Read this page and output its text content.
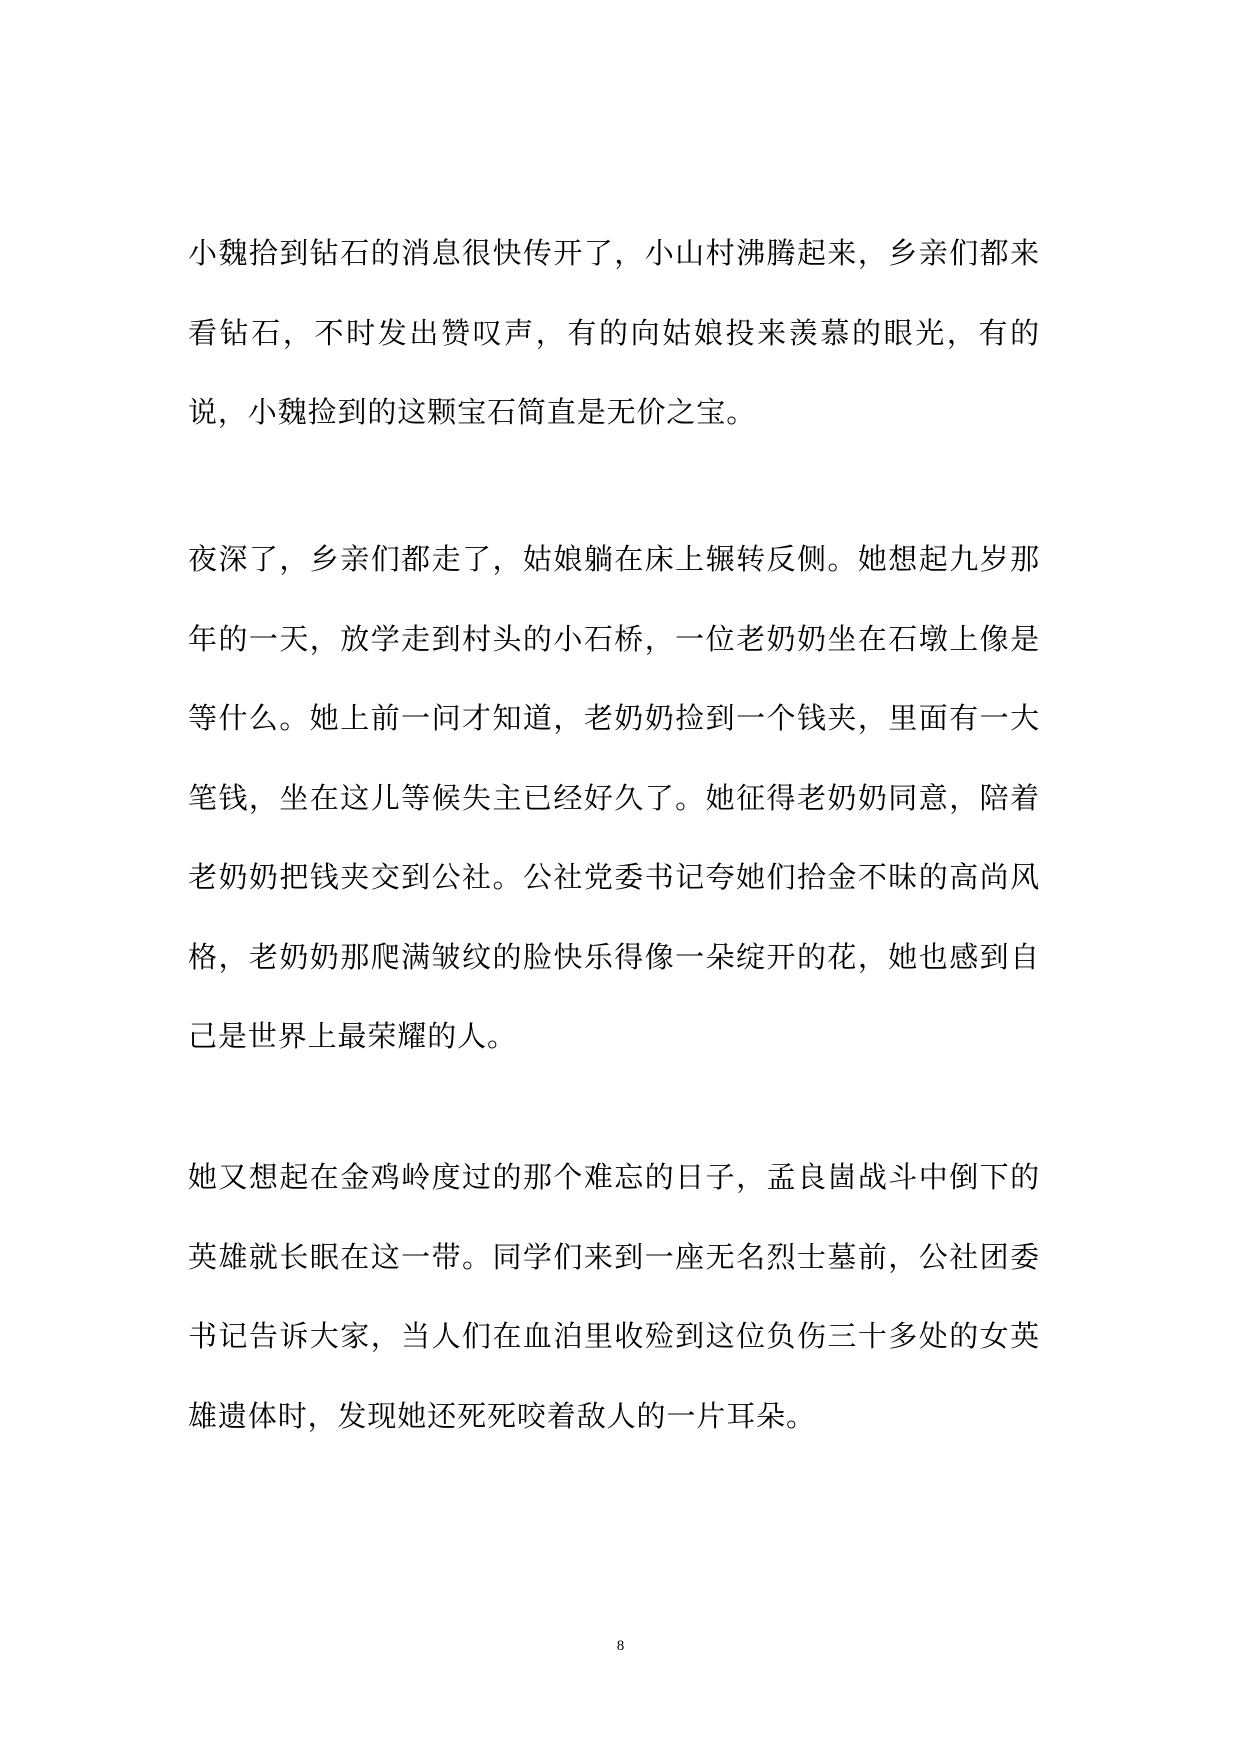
小魏拾到钻石的消息很快传开了，小山村沸腾起来，乡亲们都来看钻石，不时发出赞叹声，有的向姑娘投来羡慕的眼光，有的说，小魏捡到的这颗宝石简直是无价之宝。

夜深了，乡亲们都走了，姑娘躺在床上辗转反侧。她想起九岁那年的一天，放学走到村头的小石桥，一位老奶奶坐在石墩上像是等什么。她上前一问才知道，老奶奶捡到一个钱夹，里面有一大笔钱，坐在这儿等候失主已经好久了。她征得老奶奶同意，陪着老奶奶把钱夹交到公社。公社党委书记夸她们拾金不昧的高尚风格，老奶奶那爬满皱纹的脸快乐得像一朵绽开的花，她也感到自己是世界上最荣耀的人。

她又想起在金鸡岭度过的那个难忘的日子，孟良崮战斗中倒下的英雄就长眠在这一带。同学们来到一座无名烈士墓前，公社团委书记告诉大家，当人们在血泊里收殓到这位负伤三十多处的女英雄遗体时，发现她还死死咬着敌人的一片耳朵。

8
